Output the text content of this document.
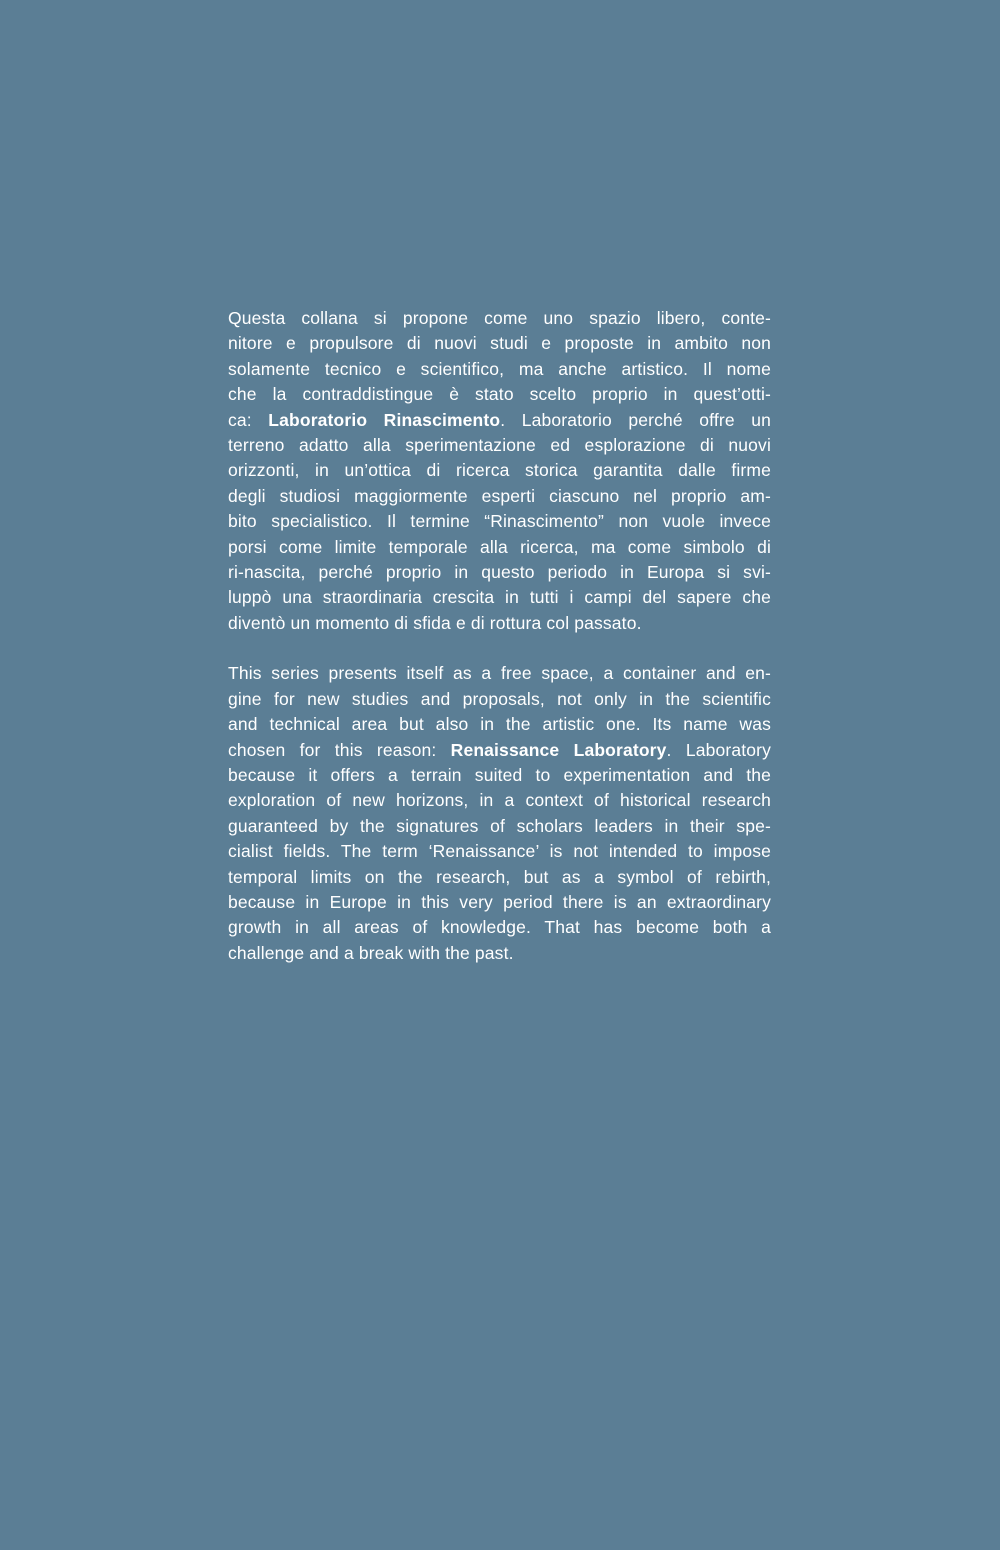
Questa collana si propone come uno spazio libero, conte-
nitore e propulsore di nuovi studi e proposte in ambito non
solamente tecnico e scientifico, ma anche artistico. Il nome
che la contraddistingue è stato scelto proprio in quest’otti-
ca: Laboratorio Rinascimento. Laboratorio perché offre un
terreno adatto alla sperimentazione ed esplorazione di nuovi
orizzonti, in un’ottica di ricerca storica garantita dalle firme
degli studiosi maggiormente esperti ciascuno nel proprio am-
bito specialistico. Il termine “Rinascimento” non vuole invece
porsi come limite temporale alla ricerca, ma come simbolo di
ri-nascita, perché proprio in questo periodo in Europa si svi-
luppò una straordinaria crescita in tutti i campi del sapere che
diventò un momento di sfida e di rottura col passato.
This series presents itself as a free space, a container and en-
gine for new studies and proposals, not only in the scientific
and technical area but also in the artistic one. Its name was
chosen for this reason: Renaissance Laboratory. Laboratory
because it offers a terrain suited to experimentation and the
exploration of new horizons, in a context of historical research
guaranteed by the signatures of scholars leaders in their spe-
cialist fields. The term ‘Renaissance’ is not intended to impose
temporal limits on the research, but as a symbol of rebirth,
because in Europe in this very period there is an extraordinary
growth in all areas of knowledge. That has become both a
challenge and a break with the past.
